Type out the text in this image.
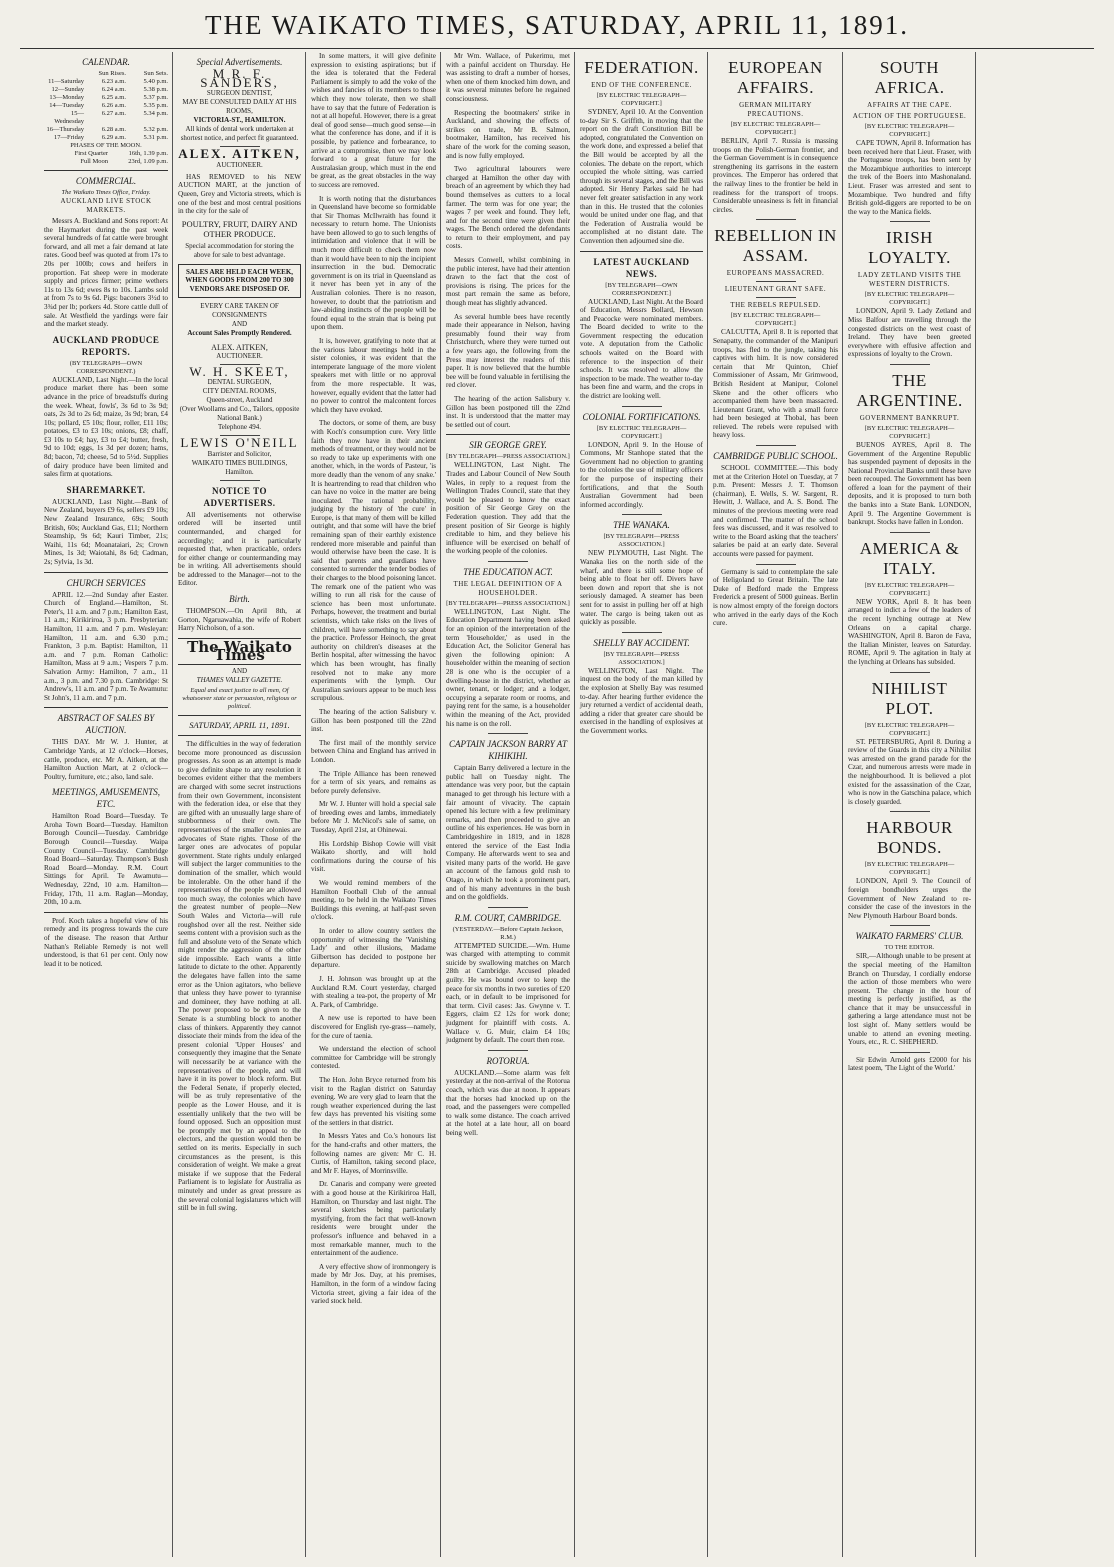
THE WAIKATO TIMES, SATURDAY, APRIL 11, 1891.
CALENDAR.
Sun Rises.	Sun Sets.
11—Saturday	6.23 a.m.	5.40 p.m.
12—Sunday	6.24 a.m.	5.38 p.m.
13—Monday	6.25 a.m.	5.37 p.m.
14—Tuesday	6.26 a.m.	5.35 p.m.
15—Wednesday
6.27 a.m.	5.34 p.m.
16—Thursday	6.28 a.m.	5.32 p.m.
17—Friday	6.29 a.m.	5.31 p.m.
PHASES OF THE MOON.
First Quarter	16th, 1.39 p.m.
Full Moon	23rd, 1.09 p.m.
COMMERCIAL.
The Waikato Times Office, Friday.
AUCKLAND LIVE STOCK MARKETS.

Messrs A. Buckland and Sons report: At the Haymarket during the past week several hundreds of fat cattle were brought forward, and all met a fair demand at late rates. Good beef was quoted at from 17s to 20s per 100lb; cows and heifers in proportion. Fat sheep were in moderate supply and prices firmer; prime wethers 11s to 13s 6d; ewes 8s to 10s. Lambs sold at from 7s to 9s 6d. Pigs: baconers 3½d to 3¾d per lb; porkers 4d. Store cattle dull of sale. At Westfield the yardings were fair and the market steady.

AUCKLAND PRODUCE REPORTS.
(BY TELEGRAPH—OWN CORRESPONDENT.)

AUCKLAND, Last Night.—In the local produce market there has been some advance in the price of breadstuffs during the week. Wheat, fowls', 3s 6d to 3s 9d; oats, 2s 3d to 2s 6d; maize, 3s 9d; bran, £4 10s; pollard, £5 10s; flour, roller, £11 10s; potatoes, £3 to £3 10s; onions, £8; chaff, £3 10s to £4; hay, £3 to £4; butter, fresh, 9d to 10d; eggs, 1s 3d per dozen; hams, 8d; bacon, 7d; cheese, 5d to 5½d. Supplies of dairy produce have been limited and sales firm at quotations.

SHAREMARKET.

AUCKLAND, Last Night.—Bank of New Zealand, buyers £9 6s, sellers £9 10s; New Zealand Insurance, 69s; South British, 60s; Auckland Gas, £11; Northern Steamship, 9s 6d; Kauri Timber, 21s; Waihi, 11s 6d; Moanataiari, 2s; Crown Mines, 1s 3d; Waiotahi, 8s 6d; Cadman, 2s; Sylvia, 1s 3d.

CHURCH SERVICES

APRIL 12.—2nd Sunday after Easter. Church of England.—Hamilton, St. Peter's, 11 a.m. and 7 p.m.; Hamilton East, 11 a.m.; Kirikiriroa, 3 p.m. Presbyterian: Hamilton, 11 a.m. and 7 p.m. Wesleyan: Hamilton, 11 a.m. and 6.30 p.m.; Frankton, 3 p.m. Baptist: Hamilton, 11 a.m. and 7 p.m. Roman Catholic: Hamilton, Mass at 9 a.m.; Vespers 7 p.m. Salvation Army: Hamilton, 7 a.m., 11 a.m., 3 p.m. and 7.30 p.m. Cambridge: St Andrew's, 11 a.m. and 7 p.m. Te Awamutu: St John's, 11 a.m. and 7 p.m.

ABSTRACT OF SALES BY AUCTION.

THIS DAY. Mr W. J. Hunter, at Cambridge Yards, at 12 o'clock—Horses, cattle, produce, etc. Mr A. Aitken, at the Hamilton Auction Mart, at 2 o'clock—Poultry, furniture, etc.; also, land sale.

MEETINGS, AMUSEMENTS, ETC.

Hamilton Road Board—Tuesday. Te Aroha Town Board—Tuesday. Hamilton Borough Council—Tuesday. Cambridge Borough Council—Tuesday. Waipa County Council—Tuesday. Cambridge Road Board—Saturday. Thompson's Bush Road Board—Monday. R.M. Court Sittings for April. Te Awamutu—Wednesday, 22nd, 10 a.m. Hamilton—Friday, 17th, 11 a.m. Raglan—Monday, 20th, 10 a.m.

Prof. Koch takes a hopeful view of his remedy and its progress towards the cure of the disease. The reason that Arthur Nathan's Reliable Remedy is not well understood, is that 61 per cent. Only now lead it to be noticed.

Special Advertisements.
M R. F. SANDERS,
SURGEON DENTIST,
MAY BE CONSULTED DAILY AT HIS ROOMS,
VICTORIA-ST., HAMILTON.
All kinds of dental work undertaken at shortest notice, and perfect fit guaranteed.
ALEX. AITKEN,
AUCTIONEER.

HAS REMOVED to his NEW AUCTION MART, at the junction of Queen, Grey and Victoria streets, which is one of the best and most central positions in the city for the sale of

POULTRY, FRUIT, DAIRY AND OTHER PRODUCE.
Special accommodation for storing the above for sale to best advantage.
SALES ARE HELD EACH WEEK, WHEN GOODS FROM 200 TO 300 VENDORS ARE DISPOSED OF.
EVERY CARE TAKEN OF CONSIGNMENTS
AND
Account Sales Promptly Rendered.
ALEX. AITKEN,
AUCTIONEER.
W. H. SKEET,
DENTAL SURGEON,
CITY DENTAL ROOMS,
Queen-street, Auckland
(Over Woollams and Co., Tailors, opposite National Bank.)
Telephone 494.
LEWIS O'NEILL
Barrister and Solicitor,
WAIKATO TIMES BUILDINGS,
Hamilton.
NOTICE TO ADVERTISERS.

All advertisements not otherwise ordered will be inserted until countermanded, and charged for accordingly; and it is particularly requested that, when practicable, orders for either change or countermanding may be in writing. All advertisements should be addressed to the Manager—not to the Editor.

Birth.

THOMPSON.—On April 8th, at Gorton, Ngaruawahia, the wife of Robert Harry Nicholson, of a son.

The Waikato Times
AND
THAMES VALLEY GAZETTE.
Equal and exact justice to all men, Of whatsoever state or persuasion, religious or political.
SATURDAY, APRIL 11, 1891.

The difficulties in the way of federation become more pronounced as discussion progresses. As soon as an attempt is made to give definite shape to any resolution it becomes evident either that the members are charged with some secret instructions from their own Government, inconsistent with the federation idea, or else that they are gifted with an unusually large share of stubbornness of their own. The representatives of the smaller colonies are advocates of State rights. Those of the larger ones are advocates of popular government. State rights unduly enlarged will subject the larger communities to the domination of the smaller, which would be intolerable. On the other hand if the representatives of the people are allowed too much sway, the colonies which have the greatest number of people—New South Wales and Victoria—will rule roughshod over all the rest. Neither side seems content with a provision such as the full and absolute veto of the Senate which might render the aggression of the other side impossible. Each wants a little latitude to dictate to the other. Apparently the delegates have fallen into the same error as the Union agitators, who believe that unless they have power to tyrannise and domineer, they have nothing at all. The power proposed to be given to the Senate is a stumbling block to another class of thinkers. Apparently they cannot dissociate their minds from the idea of the present colonial 'Upper Houses' and consequently they imagine that the Senate will necessarily be at variance with the representatives of the people, and will have it in its power to block reform. But the Federal Senate, if properly elected, will be as truly representative of the people as the Lower House, and it is essentially unlikely that the two will be found opposed. Such an opposition must be promptly met by an appeal to the electors, and the question would then be settled on its merits. Especially in such circumstances as the present, is this consideration of weight. We make a great mistake if we suppose that the Federal Parliament is to legislate for Australia as minutely and under as great pressure as the several colonial legislatures which will still be in full swing.

In some matters, it will give definite expression to existing aspirations; but if the idea is tolerated that the Federal Parliament is simply to add the voke of the wishes and fancies of its members to those which they now tolerate, then we shall have to say that the future of Federation is not at all hopeful. However, there is a great deal of good sense—much good sense—in what the conference has done, and if it is possible, by patience and forbearance, to arrive at a compromise, then we may look forward to a great future for the Australasian group, which must in the end be great, as the great obstacles in the way to success are removed.

It is worth noting that the disturbances in Queensland have become so formidable that Sir Thomas McIlwraith has found it necessary to return home. The Unionists have been allowed to go to such lengths of intimidation and violence that it will be much more difficult to check them now than it would have been to nip the incipient insurrection in the bud. Democratic government is on its trial in Queensland as it never has been yet in any of the Australian colonies. There is no reason, however, to doubt that the patriotism and law-abiding instincts of the people will be found equal to the strain that is being put upon them.

It is, however, gratifying to note that at the various labour meetings held in the sister colonies, it was evident that the intemperate language of the more violent speakers met with little or no approval from the more respectable. It was, however, equally evident that the latter had no power to control the malcontent forces which they have evoked.

The doctors, or some of them, are busy with Koch's consumption cure. Very little faith they now have in their ancient methods of treatment, or they would not be so ready to take up experiments with one another, which, in the words of Pasteur, 'is more deadly than the venom of any snake.' It is heartrending to read that children who can have no voice in the matter are being inoculated. The rational probability, judging by the history of 'the cure' in Europe, is that many of them will be killed outright, and that some will have the brief remaining span of their earthly existence rendered more miserable and painful than would otherwise have been the case. It is said that parents and guardians have consented to surrender the tender bodies of their charges to the blood poisoning lancet. The remark one of the patient who was willing to run all risk for the cause of science has been most unfortunate. Perhaps, however, the treatment and burial scientists, which take risks on the lives of children, will have something to say about the practice. Professor Heinoch, the great authority on children's diseases at the Berlin hospital, after witnessing the havoc which has been wrought, has finally resolved not to make any more experiments with the lymph. Our Australian saviours appear to be much less scrupulous.

The hearing of the action Salisbury v. Gillon has been postponed till the 22nd inst.

The first mail of the monthly service between China and England has arrived in London.

The Triple Alliance has been renewed for a term of six years, and remains as before purely defensive.

Mr W. J. Hunter will hold a special sale of breeding ewes and lambs, immediately before Mr J. McNicol's sale of same, on Tuesday, April 21st, at Ohinewai.

His Lordship Bishop Cowie will visit Waikato shortly, and will hold confirmations during the course of his visit.

We would remind members of the Hamilton Football Club of the annual meeting, to be held in the Waikato Times Buildings this evening, at half-past seven o'clock.

In order to allow country settlers the opportunity of witnessing the 'Vanishing Lady' and other illusions, Madame Gilbertson has decided to postpone her departure.

J. H. Johnson was brought up at the Auckland R.M. Court yesterday, charged with stealing a tea-pot, the property of Mr A. Park, of Cambridge.

A new use is reported to have been discovered for English rye-grass—namely, for the cure of taenia.

We understand the election of school committee for Cambridge will be strongly contested.

The Hon. John Bryce returned from his visit to the Raglan district on Saturday evening. We are very glad to learn that the rough weather experienced during the last few days has prevented his visiting some of the settlers in that district.

In Messrs Yates and Co.'s honours list for the hand-crafts and other matters, the following names are given: Mr C. H. Curtis, of Hamilton, taking second place, and Mr F. Hayes, of Morrinsville.

Dr. Canaris and company were greeted with a good house at the Kirikiriroa Hall, Hamilton, on Thursday and last night. The several sketches being particularly mystifying, from the fact that well-known residents were brought under the professor's influence and behaved in a most remarkable manner, much to the entertainment of the audience.

A very effective show of ironmongery is made by Mr Jos. Day, at his premises, Hamilton, in the form of a window facing Victoria street, giving a fair idea of the varied stock held.

Mr Wm. Wallace, of Pukerimu, met with a painful accident on Thursday. He was assisting to draft a number of horses, when one of them knocked him down, and it was several minutes before he regained consciousness.

Respecting the bootmakers' strike in Auckland, and showing the effects of strikes on trade, Mr B. Salmon, bootmaker, Hamilton, has received his share of the work for the coming season, and is now fully employed.

Two agricultural labourers were charged at Hamilton the other day with breach of an agreement by which they had bound themselves as cutters to a local farmer. The term was for one year; the wages 7 per week and found. They left, and for the second time were given their wages. The Bench ordered the defendants to return to their employment, and pay costs.

Messrs Conwell, whilst combining in the public interest, have had their attention drawn to the fact that the cost of provisions is rising. The prices for the most part remain the same as before, though meat has slightly advanced.

As several humble bees have recently made their appearance in Nelson, having presumably found their way from Christchurch, where they were turned out a few years ago, the following from the Press may interest the readers of this paper. It is now believed that the humble bee will be found valuable in fertilising the red clover.

The hearing of the action Salisbury v. Gillon has been postponed till the 22nd inst. It is understood that the matter may be settled out of court.

SIR GEORGE GREY.
[BY TELEGRAPH—PRESS ASSOCIATION.]

WELLINGTON, Last Night. The Trades and Labour Council of New South Wales, in reply to a request from the Wellington Trades Council, state that they would be pleased to know the exact position of Sir George Grey on the Federation question. They add that the present position of Sir George is highly creditable to him, and they believe his influence will be exercised on behalf of the working people of the colonies.

THE EDUCATION ACT.
THE LEGAL DEFINITION OF A HOUSEHOLDER.
[BY TELEGRAPH—PRESS ASSOCIATION.]

WELLINGTON, Last Night. The Education Department having been asked for an opinion of the interpretation of the term 'Householder,' as used in the Education Act, the Solicitor General has given the following opinion: A householder within the meaning of section 28 is one who is the occupier of a dwelling-house in the district, whether as owner, tenant, or lodger; and a lodger, occupying a separate room or rooms, and paying rent for the same, is a householder within the meaning of the Act, provided his name is on the roll.

CAPTAIN JACKSON BARRY AT KIHIKIHI.

Captain Barry delivered a lecture in the public hall on Tuesday night. The attendance was very poor, but the captain managed to get through his lecture with a fair amount of vivacity. The captain opened his lecture with a few preliminary remarks, and then proceeded to give an outline of his experiences. He was born in Cambridgeshire in 1819, and in 1828 entered the service of the East India Company. He afterwards went to sea and visited many parts of the world. He gave an account of the famous gold rush to Otago, in which he took a prominent part, and of his many adventures in the bush and on the goldfields.

R.M. COURT, CAMBRIDGE.
(YESTERDAY.—Before Captain Jackson, R.M.)

ATTEMPTED SUICIDE.—Wm. Hume was charged with attempting to commit suicide by swallowing matches on March 28th at Cambridge. Accused pleaded guilty. He was bound over to keep the peace for six months in two sureties of £20 each, or in default to be imprisoned for that term. Civil cases: Jas. Gwynne v. T. Eggers, claim £2 12s for work done; judgment for plaintiff with costs. A. Wallace v. G. Muir, claim £4 10s; judgment by default. The court then rose.

ROTORUA.

AUCKLAND.—Some alarm was felt yesterday at the non-arrival of the Rotorua coach, which was due at noon. It appears that the horses had knocked up on the road, and the passengers were compelled to walk some distance. The coach arrived at the hotel at a late hour, all on board being well.

FEDERATION.
END OF THE CONFERENCE.
[BY ELECTRIC TELEGRAPH—COPYRIGHT.]

SYDNEY, April 10. At the Convention to-day Sir S. Griffith, in moving that the report on the draft Constitution Bill be adopted, congratulated the Convention on the work done, and expressed a belief that the Bill would be accepted by all the colonies. The debate on the report, which occupied the whole sitting, was carried through its several stages, and the Bill was adopted. Sir Henry Parkes said he had never felt greater satisfaction in any work than in this. He trusted that the colonies would be united under one flag, and that the Federation of Australia would be accomplished at no distant date. The Convention then adjourned sine die.

LATEST AUCKLAND NEWS.
[BY TELEGRAPH—OWN CORRESPONDENT.]

AUCKLAND, Last Night. At the Board of Education, Messrs Bollard, Hewson and Peacocke were nominated members. The Board decided to write to the Government respecting the education vote. A deputation from the Catholic schools waited on the Board with reference to the inspection of their schools. It was resolved to allow the inspection to be made. The weather to-day has been fine and warm, and the crops in the district are looking well.

COLONIAL FORTIFICATIONS.
[BY ELECTRIC TELEGRAPH—COPYRIGHT.]

LONDON, April 9. In the House of Commons, Mr Stanhope stated that the Government had no objection to granting to the colonies the use of military officers for the purpose of inspecting their fortifications, and that the South Australian Government had been informed accordingly.

THE WANAKA.
[BY TELEGRAPH—PRESS ASSOCIATION.]

NEW PLYMOUTH, Last Night. The Wanaka lies on the north side of the wharf, and there is still some hope of being able to float her off. Divers have been down and report that she is not seriously damaged. A steamer has been sent for to assist in pulling her off at high water. The cargo is being taken out as quickly as possible.

SHELLY BAY ACCIDENT.
[BY TELEGRAPH—PRESS ASSOCIATION.]

WELLINGTON, Last Night. The inquest on the body of the man killed by the explosion at Shelly Bay was resumed to-day. After hearing further evidence the jury returned a verdict of accidental death, adding a rider that greater care should be exercised in the handling of explosives at the Government works.

EUROPEAN AFFAIRS.
GERMAN MILITARY PRECAUTIONS.
[BY ELECTRIC TELEGRAPH—COPYRIGHT.]

BERLIN, April 7. Russia is massing troops on the Polish-German frontier, and the German Government is in consequence strengthening its garrisons in the eastern provinces. The Emperor has ordered that the railway lines to the frontier be held in readiness for the transport of troops. Considerable uneasiness is felt in financial circles.

REBELLION IN ASSAM.
EUROPEANS MASSACRED.
LIEUTENANT GRANT SAFE.
THE REBELS REPULSED.
[BY ELECTRIC TELEGRAPH—COPYRIGHT.]

CALCUTTA, April 8. It is reported that Senapatty, the commander of the Manipuri troops, has fled to the jungle, taking his captives with him. It is now considered certain that Mr Quinton, Chief Commissioner of Assam, Mr Grimwood, British Resident at Manipur, Colonel Skene and the other officers who accompanied them have been massacred. Lieutenant Grant, who with a small force had been besieged at Thobal, has been relieved. The rebels were repulsed with heavy loss.

CAMBRIDGE PUBLIC SCHOOL.

SCHOOL COMMITTEE.—This body met at the Criterion Hotel on Tuesday, at 7 p.m. Present: Messrs J. T. Thomson (chairman), E. Wells, S. W. Sargent, R. Hewitt, J. Wallace, and A. S. Bond. The minutes of the previous meeting were read and confirmed. The matter of the school fees was discussed, and it was resolved to write to the Board asking that the teachers' salaries be paid at an early date. Several accounts were passed for payment.

Germany is said to contemplate the sale of Heligoland to Great Britain. The late Duke of Bedford made the Empress Frederick a present of 5000 guineas. Berlin is now almost empty of the foreign doctors who arrived in the early days of the Koch cure.

SOUTH AFRICA.
AFFAIRS AT THE CAPE.
ACTION OF THE PORTUGUESE.
[BY ELECTRIC TELEGRAPH—COPYRIGHT.]

CAPE TOWN, April 8. Information has been received here that Lieut. Fraser, with the Portuguese troops, has been sent by the Mozambique authorities to intercept the trek of the Boers into Mashonaland. Lieut. Fraser was arrested and sent to Mozambique. Two hundred and fifty British gold-diggers are reported to be on the way to the Manica fields.

IRISH LOYALTY.
LADY ZETLAND VISITS THE WESTERN DISTRICTS.
[BY ELECTRIC TELEGRAPH—COPYRIGHT.]

LONDON, April 9. Lady Zetland and Miss Balfour are travelling through the congested districts on the west coast of Ireland. They have been greeted everywhere with effusive affection and expressions of loyalty to the Crown.

THE ARGENTINE.
GOVERNMENT BANKRUPT.
[BY ELECTRIC TELEGRAPH—COPYRIGHT.]

BUENOS AYRES, April 8. The Government of the Argentine Republic has suspended payment of deposits in the National Provincial Banks until these have been recouped. The Government has been offered a loan for the payment of their deposits, and it is proposed to turn both the banks into a State Bank. LONDON, April 9. The Argentine Government is bankrupt. Stocks have fallen in London.

AMERICA & ITALY.
[BY ELECTRIC TELEGRAPH—COPYRIGHT.]

NEW YORK, April 8. It has been arranged to indict a few of the leaders of the recent lynching outrage at New Orleans on a capital charge. WASHINGTON, April 8. Baron de Fava, the Italian Minister, leaves on Saturday. ROME, April 9. The agitation in Italy at the lynching at Orleans has subsided.

NIHILIST PLOT.
[BY ELECTRIC TELEGRAPH—COPYRIGHT.]

ST. PETERSBURG, April 8. During a review of the Guards in this city a Nihilist was arrested on the grand parade for the Czar, and numerous arrests were made in the neighbourhood. It is believed a plot existed for the assassination of the Czar, who is now in the Gatschina palace, which is closely guarded.

HARBOUR BONDS.
[BY ELECTRIC TELEGRAPH—COPYRIGHT.]

LONDON, April 9. The Council of foreign bondholders urges the Government of New Zealand to re-consider the case of the investors in the New Plymouth Harbour Board bonds.

WAIKATO FARMERS' CLUB.
TO THE EDITOR.

SIR,—Although unable to be present at the special meeting of the Hamilton Branch on Thursday, I cordially endorse the action of those members who were present. The change in the hour of meeting is perfectly justified, as the chance that it may be unsuccessful in gathering a large attendance must not be lost sight of. Many settlers would be unable to attend an evening meeting. Yours, etc., R. C. SHEPHERD.

Sir Edwin Arnold gets £2000 for his latest poem, 'The Light of the World.'
